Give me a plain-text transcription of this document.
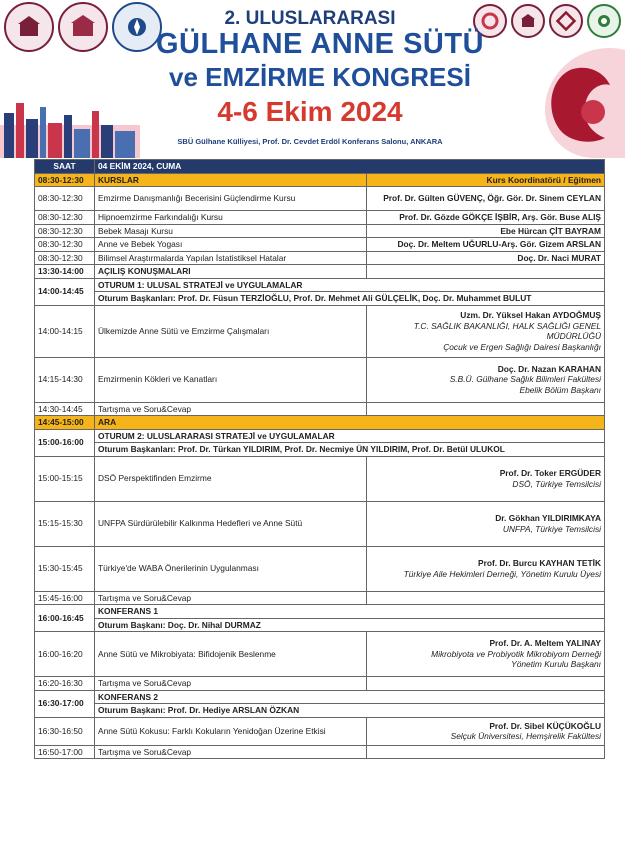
2. ULUSLARARASI
GÜLHANE ANNE SÜTÜ
ve EMZİRME KONGRESİ
4-6 Ekim 2024
SBÜ Gülhane Külliyesi, Prof. Dr. Cevdet Erdöl Konferans Salonu, ANKARA
SAAT	04 EKİM 2024, CUMA	
08:30-12:30	KURSLAR	Kurs Koordinatörü / Eğitmen
08:30-12:30	Emzirme Danışmanlığı Becerisini Güçlendirme Kursu	Prof. Dr. Gülten GÜVENÇ, Öğr. Gör. Dr. Sinem CEYLAN
08:30-12:30	Hipnoemzirme Farkındalığı Kursu	Prof. Dr. Gözde GÖKÇE İŞBİR, Arş. Gör. Buse ALIŞ
08:30-12:30	Bebek Masajı Kursu	Ebe Hürcan ÇİT BAYRAM
08:30-12:30	Anne ve Bebek Yogası	Doç. Dr. Meltem UĞURLU-Arş. Gör. Gizem ARSLAN
08:30-12:30	Bilimsel Araştırmalarda Yapılan İstatistiksel Hatalar	Doç. Dr. Naci MURAT
13:30-14:00	AÇILIŞ KONUŞMALARI	
14:00-14:45	OTURUM 1: ULUSAL STRATEJİ ve UYGULAMALAR	
	Oturum Başkanları: Prof. Dr. Füsun TERZİOĞLU, Prof. Dr. Mehmet Ali GÜLÇELİK, Doç. Dr. Muhammet BULUT	
14:00-14:15	Ülkemizde Anne Sütü ve Emzirme Çalışmaları	Uzm. Dr. Yüksel Hakan AYDOĞMUŞ
T.C. SAĞLIK BAKANLIĞI, HALK SAĞLIĞI GENEL MÜDÜRLÜĞÜ
Çocuk ve Ergen Sağlığı Dairesi Başkanlığı

14:15-14:30	Emzirmenin Kökleri ve Kanatları	Doç. Dr. Nazan KARAHAN
S.B.Ü. Gülhane Sağlık Bilimleri Fakültesi
Ebelik Bölüm Başkanı

14:30-14:45	Tartışma ve Soru&Cevap	
14:45-15:00	ARA	
15:00-16:00	OTURUM 2: ULUSLARARASI STRATEJİ ve UYGULAMALAR	
	Oturum Başkanları: Prof. Dr. Türkan YILDIRIM, Prof. Dr. Necmiye ÜN YILDIRIM, Prof. Dr. Betül ULUKOL	
15:00-15:15	DSÖ Perspektifinden Emzirme	Prof. Dr. Toker ERGÜDER
DSÖ, Türkiye Temsilcisi

15:15-15:30	UNFPA Sürdürülebilir Kalkınma Hedefleri ve Anne Sütü	Dr. Gökhan YILDIRIMKAYA
UNFPA, Türkiye Temsilcisi

15:30-15:45	Türkiye'de WABA Önerilerinin Uygulanması	Prof. Dr. Burcu KAYHAN TETİK
Türkiye Aile Hekimleri Derneği, Yönetim Kurulu Üyesi

15:45-16:00	Tartışma ve Soru&Cevap	
16:00-16:45	KONFERANS 1	
	Oturum Başkanı: Doç. Dr. Nihal DURMAZ	
16:00-16:20	Anne Sütü ve Mikrobiyata: Bifidojenik Beslenme	Prof. Dr. A. Meltem YALINAY
Mikrobiyota ve Probiyotik Mikrobiyom Derneği
Yönetim Kurulu Başkanı

16:20-16:30	Tartışma ve Soru&Cevap	
16:30-17:00	KONFERANS 2	
	Oturum Başkanı: Prof. Dr. Hediye ARSLAN ÖZKAN	
16:30-16:50	Anne Sütü Kokusu: Farklı Kokuların Yenidoğan Üzerine Etkisi	Prof. Dr. Sibel KÜÇÜKOĞLU
Selçuk Üniversitesi, Hemşirelik Fakültesi

16:50-17:00	Tartışma ve Soru&Cevap	
